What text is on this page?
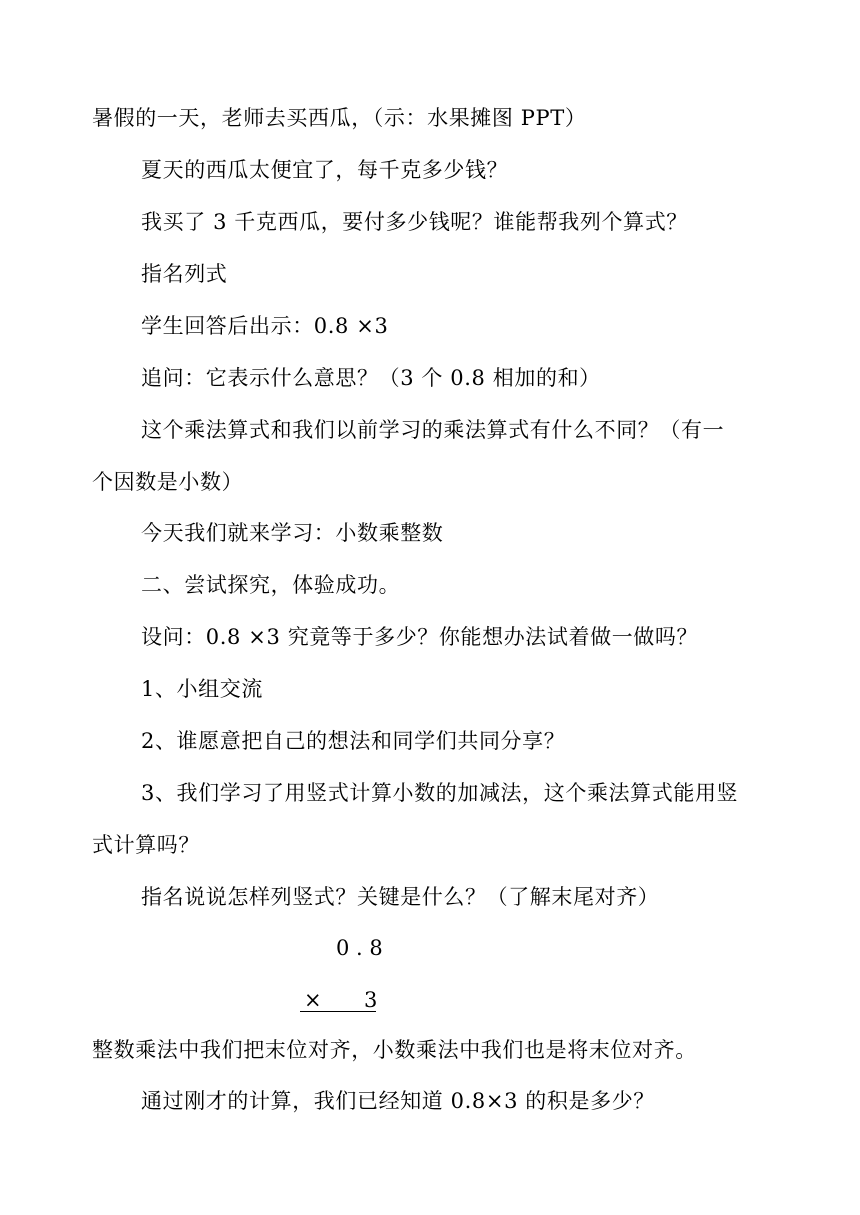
暑假的一天，老师去买西瓜，（示：水果摊图 PPT）
夏天的西瓜太便宜了，每千克多少钱？
我买了 3 千克西瓜，要付多少钱呢？谁能帮我列个算式？
指名列式
学生回答后出示：0.8 ×3
追问：它表示什么意思？（3 个 0.8 相加的和）
这个乘法算式和我们以前学习的乘法算式有什么不同？（有一
个因数是小数）
今天我们就来学习：小数乘整数
二、尝试探究，体验成功。
设问：0.8 ×3 究竟等于多少？你能想办法试着做一做吗？
1、小组交流
2、谁愿意把自己的想法和同学们共同分享？
3、我们学习了用竖式计算小数的加减法，这个乘法算式能用竖
式计算吗？
指名说说怎样列竖式？关键是什么？（了解末尾对齐）
0 . 8
× 3
整数乘法中我们把末位对齐，小数乘法中我们也是将末位对齐。
通过刚才的计算，我们已经知道 0.8×3 的积是多少？
